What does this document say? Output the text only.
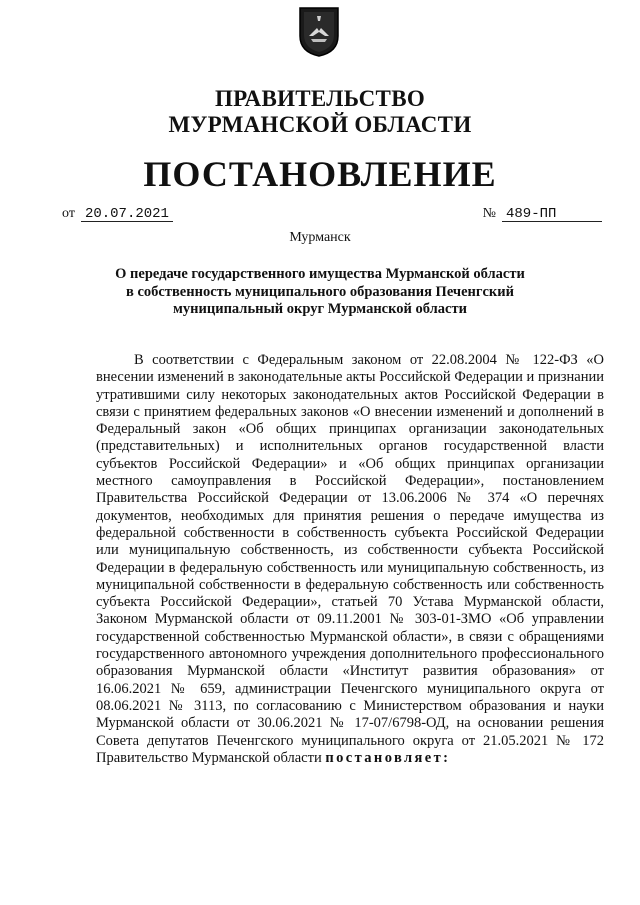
ПРАВИТЕЛЬСТВО
МУРМАНСКОЙ ОБЛАСТИ
ПОСТАНОВЛЕНИЕ
от 20.07.2021	№ 489-ПП
Мурманск
О передаче государственного имущества Мурманской области
в собственность муниципального образования Печенгский
муниципальный округ Мурманской области
В соответствии с Федеральным законом от 22.08.2004 № 122-ФЗ «О внесении изменений в законодательные акты Российской Федерации и признании утратившими силу некоторых законодательных актов Российской Федерации в связи с принятием федеральных законов «О внесении изменений и дополнений в Федеральный закон «Об общих принципах организации законодательных (представительных) и исполнительных органов государственной власти субъектов Российской Федерации» и «Об общих принципах организации местного самоуправления в Российской Федерации», постановлением Правительства Российской Федерации от 13.06.2006 № 374 «О перечнях документов, необходимых для принятия решения о передаче имущества из федеральной собственности в собственность субъекта Российской Федерации или муниципальную собственность, из собственности субъекта Российской Федерации в федеральную собственность или муниципальную собственность, из муниципальной собственности в федеральную собственность или собственность субъекта Российской Федерации», статьей 70 Устава Мурманской области, Законом Мурманской области от 09.11.2001 № 303-01-ЗМО «Об управлении государственной собственностью Мурманской области», в связи с обращениями государственного автономного учреждения дополнительного профессионального образования Мурманской области «Институт развития образования» от 16.06.2021 № 659, администрации Печенгского муниципального округа от 08.06.2021 № 3113, по согласованию с Министерством образования и науки Мурманской области от 30.06.2021 № 17-07/6798-ОД, на основании решения Совета депутатов Печенгского муниципального округа от 21.05.2021 № 172 Правительство Мурманской области постановляет:
